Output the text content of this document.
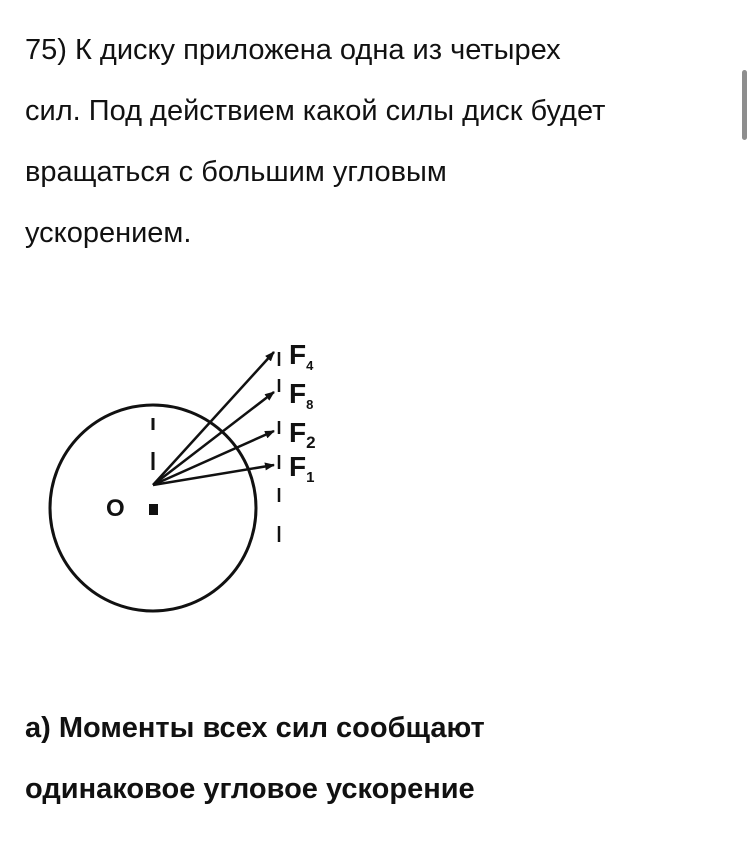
75) К диску приложена одна из четырех
сил. Под действием какой силы диск будет
вращаться с большим угловым
ускорением.
O
$F_4$
$F_8$
$F_2$
$F_1$
а) Моменты всех сил сообщают
одинаковое угловое ускорение
